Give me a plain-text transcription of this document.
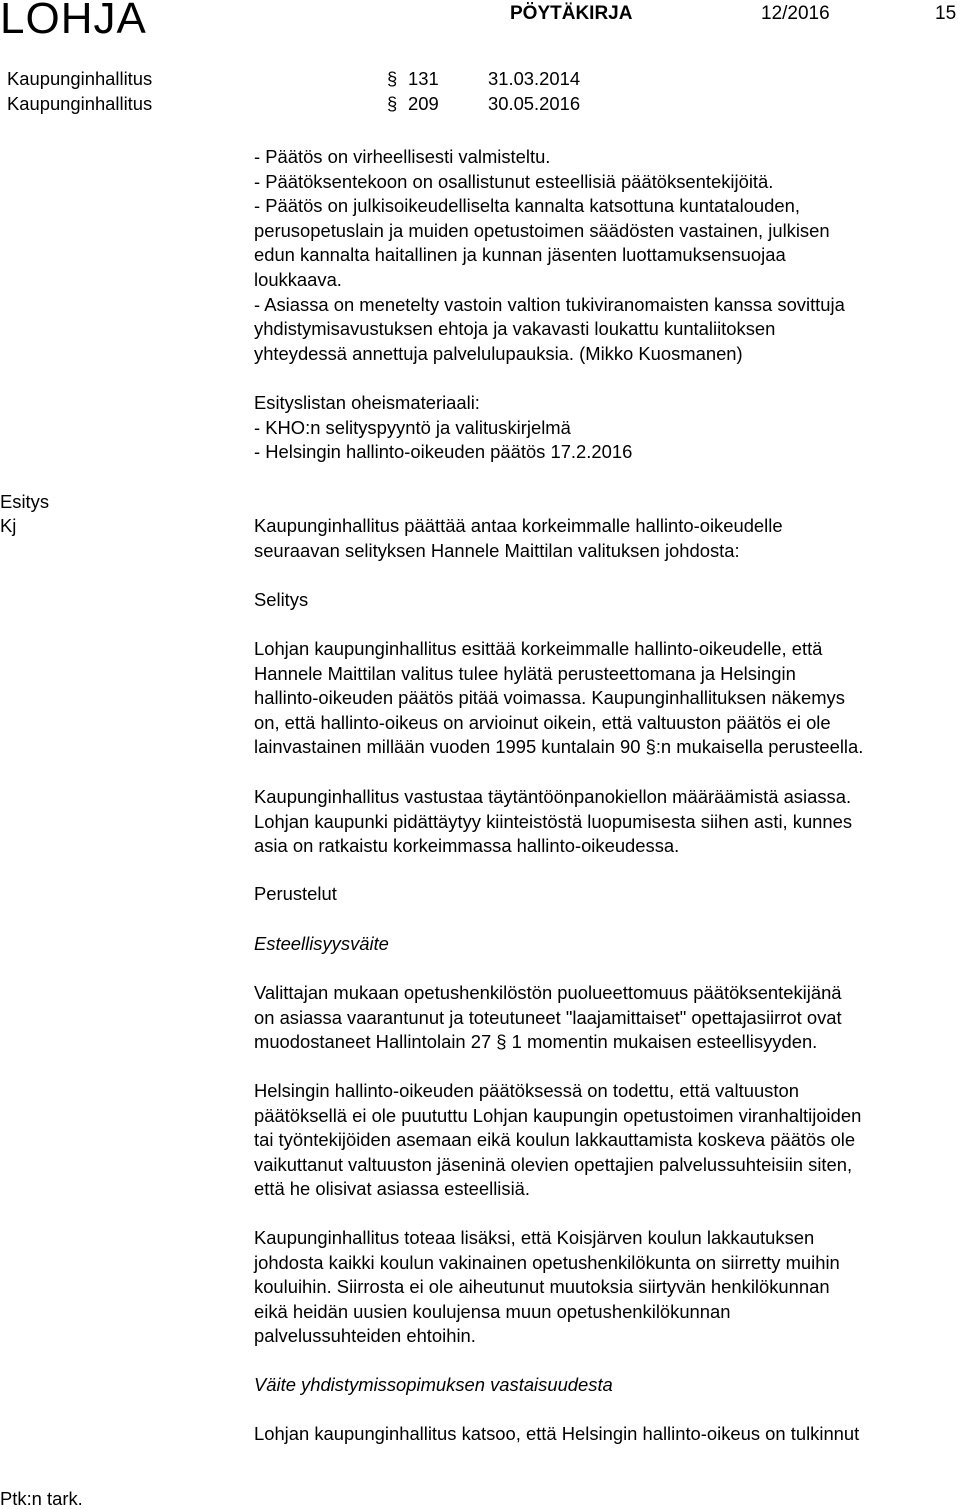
LOHJA	PÖYTÄKIRJA	12/2016	15
Kaupunginhallitus	§ 131	31.03.2014
Kaupunginhallitus	§ 209	30.05.2016

- Päätös on virheellisesti valmisteltu.

- Päätöksentekoon on osallistunut esteellisiä päätöksentekijöitä.

- Päätös on julkisoikeudelliselta kannalta katsottuna kuntatalouden,

perusopetuslain ja muiden opetustoimen säädösten vastainen, julkisen

edun kannalta haitallinen ja kunnan jäsenten luottamuksensuojaa

loukkaava.

- Asiassa on menetelty vastoin valtion tukiviranomaisten kanssa sovittuja

yhdistymisavustuksen ehtoja ja vakavasti loukattu kuntaliitoksen

yhteydessä annettuja palvelulupauksia. (Mikko Kuosmanen)

Esityslistan oheismateriaali:

- KHO:n selityspyyntö ja valituskirjelmä

- Helsingin hallinto-oikeuden päätös 17.2.2016

Esitys
Kj	Kaupunginhallitus päättää antaa korkeimmalle hallinto-oikeudelle

seuraavan selityksen Hannele Maittilan valituksen johdosta:

Selitys

Lohjan kaupunginhallitus esittää korkeimmalle hallinto-oikeudelle, että

Hannele Maittilan valitus tulee hylätä perusteettomana ja Helsingin

hallinto-oikeuden päätös pitää voimassa. Kaupunginhallituksen näkemys

on, että hallinto-oikeus on arvioinut oikein, että valtuuston päätös ei ole

lainvastainen millään vuoden 1995 kuntalain 90 §:n mukaisella perusteella.

Kaupunginhallitus vastustaa täytäntöönpanokiellon määräämistä asiassa.

Lohjan kaupunki pidättäytyy kiinteistöstä luopumisesta siihen asti, kunnes

asia on ratkaistu korkeimmassa hallinto-oikeudessa.

Perustelut
Esteellisyysväite

Valittajan mukaan opetushenkilöstön puolueettomuus päätöksentekijänä

on asiassa vaarantunut ja toteutuneet "laajamittaiset" opettajasiirrot ovat

muodostaneet Hallintolain 27 § 1 momentin mukaisen esteellisyyden.

Helsingin hallinto-oikeuden päätöksessä on todettu, että valtuuston

päätöksellä ei ole puututtu Lohjan kaupungin opetustoimen viranhaltijoiden

tai työntekijöiden asemaan eikä koulun lakkauttamista koskeva päätös ole

vaikuttanut valtuuston jäseninä olevien opettajien palvelussuhteisiin siten,

että he olisivat asiassa esteellisiä.

Kaupunginhallitus toteaa lisäksi, että Koisjärven koulun lakkautuksen

johdosta kaikki koulun vakinainen opetushenkilökunta on siirretty muihin

kouluihin. Siirrosta ei ole aiheutunut muutoksia siirtyvän henkilökunnan

eikä heidän uusien koulujensa muun opetushenkilökunnan

palvelussuhteiden ehtoihin.

Väite yhdistymissopimuksen vastaisuudesta

Lohjan kaupunginhallitus katsoo, että Helsingin hallinto-oikeus on tulkinnut

Ptk:n tark.
